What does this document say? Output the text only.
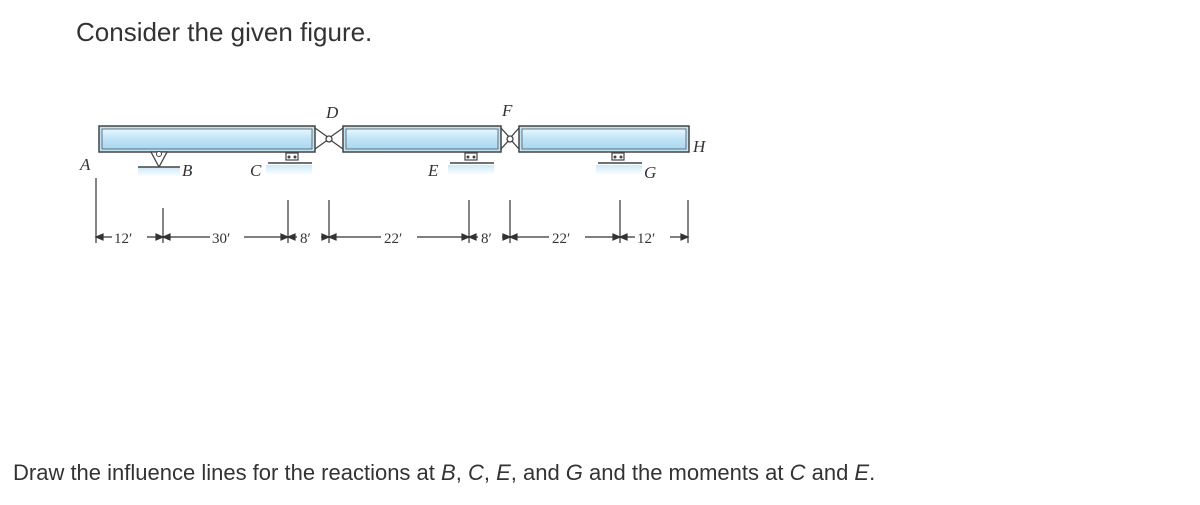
Consider the given figure.
A	B	C
D
E
F
G
H
12′	30′	8′	22′	8′	22′	12′
Draw the influence lines for the reactions at B, C, E, and G and the moments at C and E.
